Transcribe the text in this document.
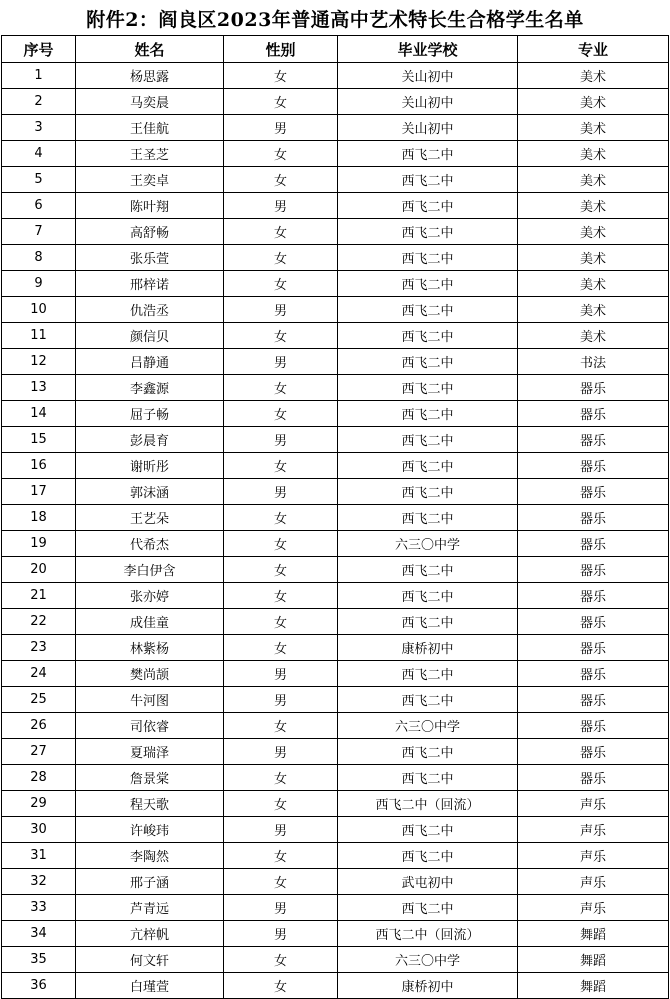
附件2：阎良区2023年普通高中艺术特长生合格学生名单
序号	姓名	性别	毕业学校	专业
1	杨思露	女	关山初中	美术
2	马奕晨	女	关山初中	美术
3	王佳航	男	关山初中	美术
4	王圣芝	女	西飞二中	美术
5	王奕卓	女	西飞二中	美术
6	陈叶翔	男	西飞二中	美术
7	高舒畅	女	西飞二中	美术
8	张乐萱	女	西飞二中	美术
9	邢梓诺	女	西飞二中	美术
10	仇浩丞	男	西飞二中	美术
11	颜信贝	女	西飞二中	美术
12	吕静通	男	西飞二中	书法
13	李鑫源	女	西飞二中	器乐
14	屈子畅	女	西飞二中	器乐
15	彭晨育	男	西飞二中	器乐
16	谢昕彤	女	西飞二中	器乐
17	郭沫涵	男	西飞二中	器乐
18	王艺朵	女	西飞二中	器乐
19	代希杰	女	六三〇中学	器乐
20	李白伊含	女	西飞二中	器乐
21	张亦婷	女	西飞二中	器乐
22	成佳童	女	西飞二中	器乐
23	林紫杨	女	康桥初中	器乐
24	樊尚颉	男	西飞二中	器乐
25	牛河图	男	西飞二中	器乐
26	司依睿	女	六三〇中学	器乐
27	夏瑞泽	男	西飞二中	器乐
28	詹景棠	女	西飞二中	器乐
29	程天歌	女	西飞二中（回流）	声乐
30	许峻玮	男	西飞二中	声乐
31	李陶然	女	西飞二中	声乐
32	邢子涵	女	武屯初中	声乐
33	芦青远	男	西飞二中	声乐
34	亢梓帆	男	西飞二中（回流）	舞蹈
35	何文轩	女	六三〇中学	舞蹈
36	白瑾萱	女	康桥初中	舞蹈
